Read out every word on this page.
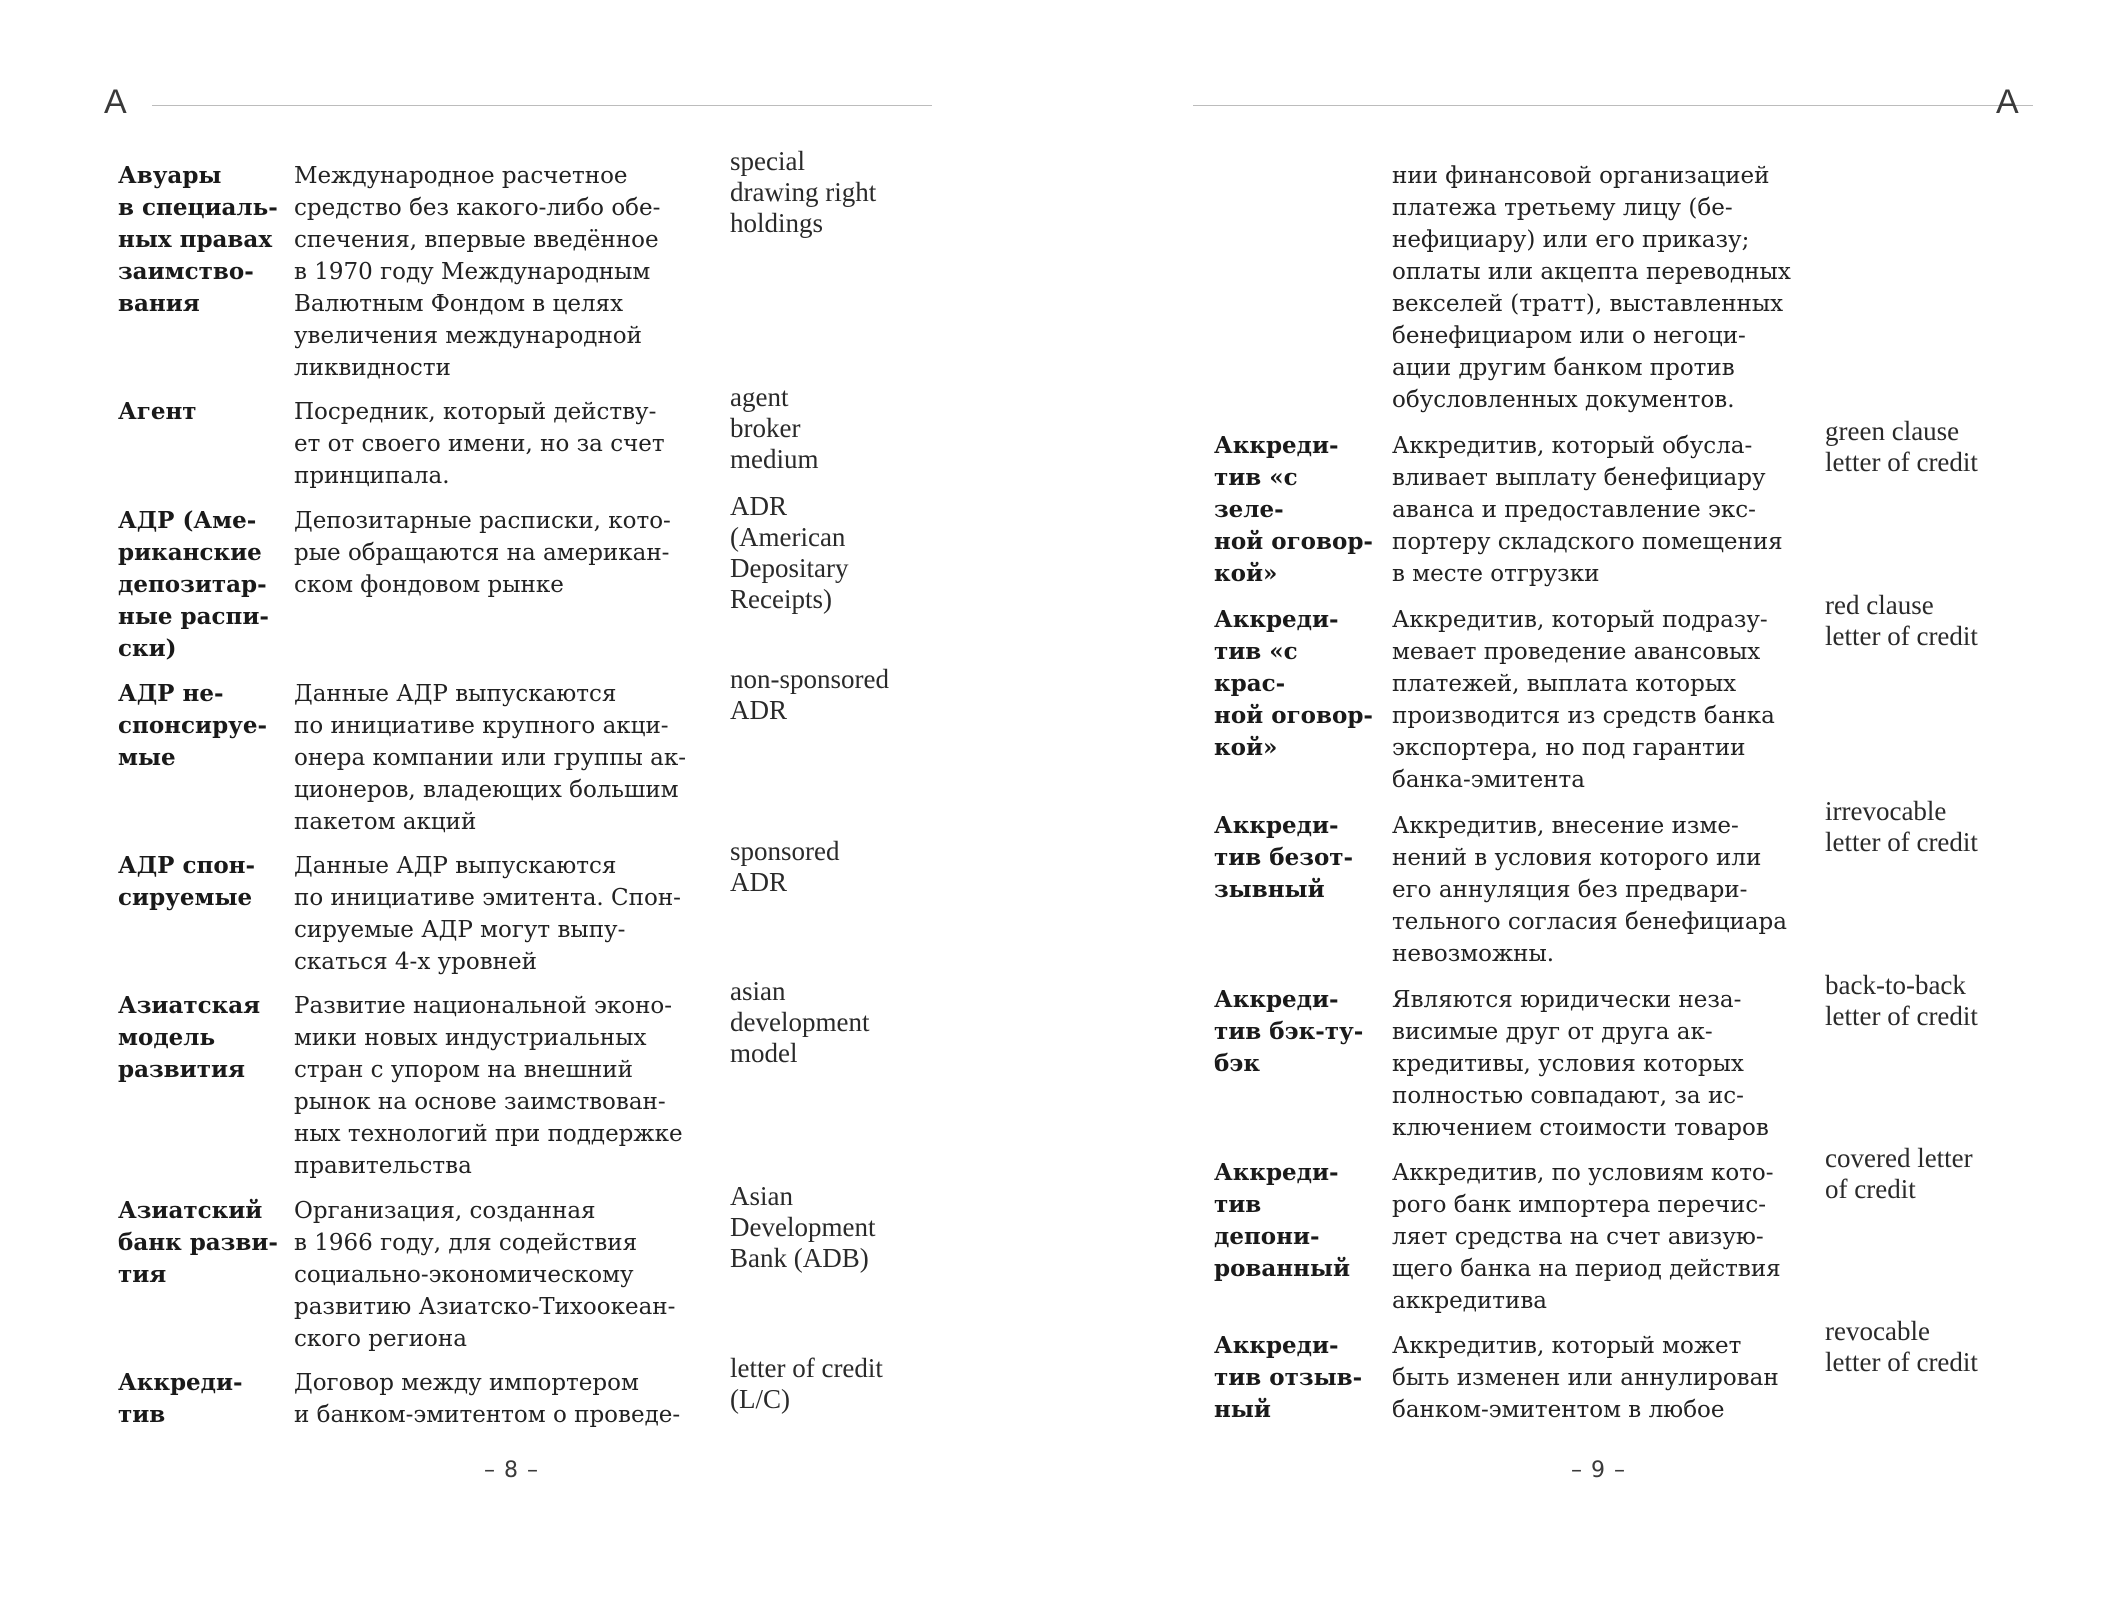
А
Авуары
в специаль-
ных правах
заимство-
вания
Международное расчетное
средство без какого-либо обе-
спечения, впервые введённое
в 1970 году Международным
Валютным Фондом в целях
увеличения международной
ликвидности
special
drawing right
holdings
Агент	Посредник, который действу-
ет от своего имени, но за счет
принципала.
agent
broker
medium
АДР (Аме-
риканские
депозитар-
ные распи-
ски)
Депозитарные расписки, кото-
рые обращаются на американ-
ском фондовом рынке
ADR
(American
Depositary
Receipts)
АДР не-
спонсируе-
мые
Данные АДР выпускаются
по инициативе крупного акци-
онера компании или группы ак-
ционеров, владеющих большим
пакетом акций
non-sponsored
ADR
АДР спон-
сируемые
Данные АДР выпускаются
по инициативе эмитента. Спон-
сируемые АДР могут выпу-
скаться 4-х уровней
sponsored
ADR
Азиатская
модель
развития
Развитие национальной эконо-
мики новых индустриальных
стран с упором на внешний
рынок на основе заимствован-
ных технологий при поддержке
правительства
asian
development
model
Азиатский
банк разви-
тия
Организация, созданная
в 1966 году, для содействия
социально-экономическому
развитию Азиатско-Тихоокеан-
ского региона
Asian
Development
Bank (ADB)
Аккреди-
тив
Договор между импортером
и банком-эмитентом о проведе-
letter of credit
(L/C)
– 8 –
А
нии финансовой организацией
платежа третьему лицу (бе-
нефициару) или его приказу;
оплаты или акцепта переводных
векселей (тратт), выставленных
бенефициаром или о негоци-
ации другим банком против
обусловленных документов.
Аккреди-
тив «с зеле-
ной оговор-
кой»
Аккредитив, который обусла-
вливает выплату бенефициару
аванса и предоставление экс-
портеру складского помещения
в месте отгрузки
green clause
letter of credit
Аккреди-
тив «с крас-
ной оговор-
кой»
Аккредитив, который подразу-
мевает проведение авансовых
платежей, выплата которых
производится из средств банка
экспортера, но под гарантии
банка-эмитента
red clause
letter of credit
Аккреди-
тив безот-
зывный
Аккредитив, внесение изме-
нений в условия которого или
его аннуляция без предвари-
тельного согласия бенефициара
невозможны.
irrevocable
letter of credit
Аккреди-
тив бэк-ту-
бэк
Являются юридически неза-
висимые друг от друга ак-
кредитивы, условия которых
полностью совпадают, за ис-
ключением стоимости товаров
back-to-back
letter of credit
Аккреди-
тив депони-
рованный
Аккредитив, по условиям кото-
рого банк импортера перечис-
ляет средства на счет авизую-
щего банка на период действия
аккредитива
covered letter
of credit
Аккреди-
тив отзыв-
ный
Аккредитив, который может
быть изменен или аннулирован
банком-эмитентом в любое
revocable
letter of credit
– 9 –
